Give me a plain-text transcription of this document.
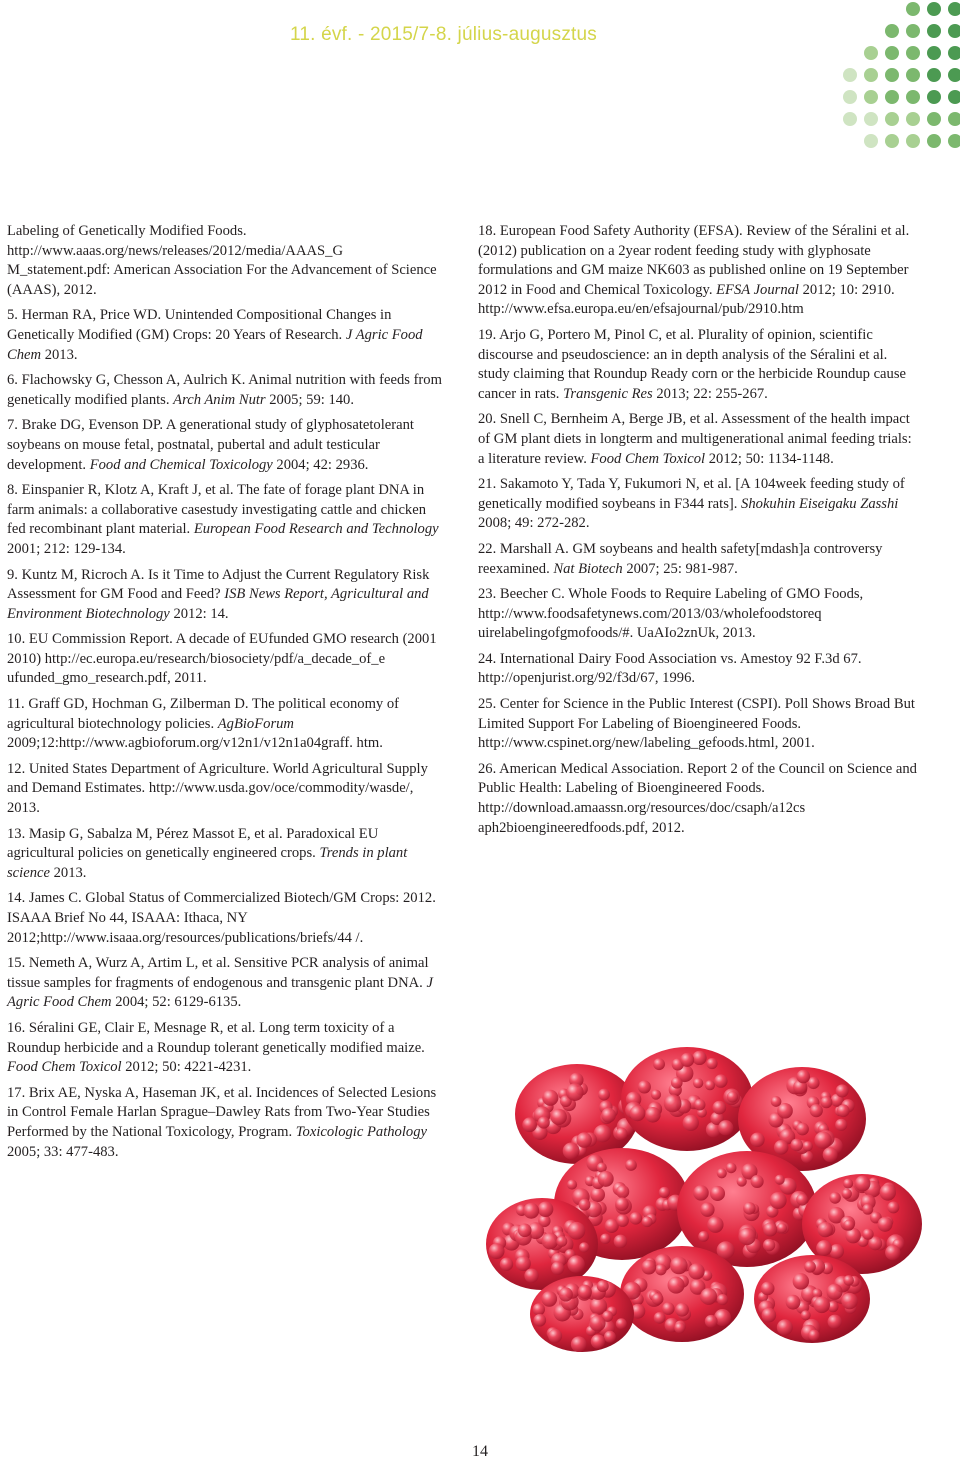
11. évf. - 2015/7-8. július-augusztus

Labeling of Genetically Modified Foods. http://www.aaas.org/news/releases/2012/media/AAAS_G M_statement.pdf: American Association For the Advancement of Science (AAAS), 2012.

5. Herman RA, Price WD. Unintended Compositional Changes in Genetically Modified (GM) Crops: 20 Years of Research. J Agric Food Chem 2013.

6. Flachowsky G, Chesson A, Aulrich K. Animal nutrition with feeds from genetically modified plants. Arch Anim Nutr 2005; 59: 140.

7. Brake DG, Evenson DP. A generational study of glyphosatetolerant soybeans on mouse fetal, postnatal, pubertal and adult testicular development. Food and Chemical Toxicology 2004; 42: 2936.

8. Einspanier R, Klotz A, Kraft J, et al. The fate of forage plant DNA in farm animals: a collaborative casestudy investigating cattle and chicken fed recombinant plant material. European Food Research and Technology 2001; 212: 129-134.

9. Kuntz M, Ricroch A. Is it Time to Adjust the Current Regulatory Risk Assessment for GM Food and Feed? ISB News Report, Agricultural and Environment Biotechnology 2012: 14.

10. EU Commission Report. A decade of EUfunded GMO research (2001 2010) http://ec.europa.eu/research/biosociety/pdf/a_decade_of_e ufunded_gmo_research.pdf, 2011.

11. Graff GD, Hochman G, Zilberman D. The political economy of agricultural biotechnology policies. AgBioForum 2009;12:http://www.agbioforum.org/v12n1/v12n1a04graff. htm.

12. United States Department of Agriculture. World Agricultural Supply and Demand Estimates. http://www.usda.gov/oce/commodity/wasde/, 2013.

13. Masip G, Sabalza M, Pérez Massot E, et al. Paradoxical EU agricultural policies on genetically engineered crops. Trends in plant science 2013.

14. James C. Global Status of Commercialized Biotech/GM Crops: 2012. ISAAA Brief No 44, ISAAA: Ithaca, NY 2012;http://www.isaaa.org/resources/publications/briefs/44 /.

15. Nemeth A, Wurz A, Artim L, et al. Sensitive PCR analysis of animal tissue samples for fragments of endogenous and transgenic plant DNA. J Agric Food Chem 2004; 52: 6129-6135.

16. Séralini GE, Clair E, Mesnage R, et al. Long term toxicity of a Roundup herbicide and a Roundup tolerant genetically modified maize. Food Chem Toxicol 2012; 50: 4221-4231.

17. Brix AE, Nyska A, Haseman JK, et al. Incidences of Selected Lesions in Control Female Harlan Sprague–Dawley Rats from Two-Year Studies Performed by the National Toxicology, Program. Toxicologic Pathology 2005; 33: 477-483.

18. European Food Safety Authority (EFSA). Review of the Séralini et al. (2012) publication on a 2year rodent feeding study with glyphosate formulations and GM maize NK603 as published online on 19 September 2012 in Food and Chemical Toxicology. EFSA Journal 2012; 10: 2910. http://www.efsa.europa.eu/en/efsajournal/pub/2910.htm

19. Arjo G, Portero M, Pinol C, et al. Plurality of opinion, scientific discourse and pseudoscience: an in depth analysis of the Séralini et al. study claiming that Roundup Ready corn or the herbicide Roundup cause cancer in rats. Transgenic Res 2013; 22: 255-267.

20. Snell C, Bernheim A, Berge JB, et al. Assessment of the health impact of GM plant diets in longterm and multigenerational animal feeding trials: a literature review. Food Chem Toxicol 2012; 50: 1134-1148.

21. Sakamoto Y, Tada Y, Fukumori N, et al. [A 104week feeding study of genetically modified soybeans in F344 rats]. Shokuhin Eiseigaku Zasshi 2008; 49: 272-282.

22. Marshall A. GM soybeans and health safety[mdash]a controversy reexamined. Nat Biotech 2007; 25: 981-987.

23. Beecher C. Whole Foods to Require Labeling of GMO Foods, http://www.foodsafetynews.com/2013/03/wholefoodstoreq uirelabelingofgmofoods/#. UaAIo2znUk, 2013.

24. International Dairy Food Association vs. Amestoy 92 F.3d 67. http://openjurist.org/92/f3d/67, 1996.

25. Center for Science in the Public Interest (CSPI). Poll Shows Broad But Limited Support For Labeling of Bioengineered Foods. http://www.cspinet.org/new/labeling_gefoods.html, 2001.

26. American Medical Association. Report 2 of the Council on Science and Public Health: Labeling of Bioengineered Foods. http://download.amaassn.org/resources/doc/csaph/a12cs aph2bioengineeredfoods.pdf, 2012.

14
